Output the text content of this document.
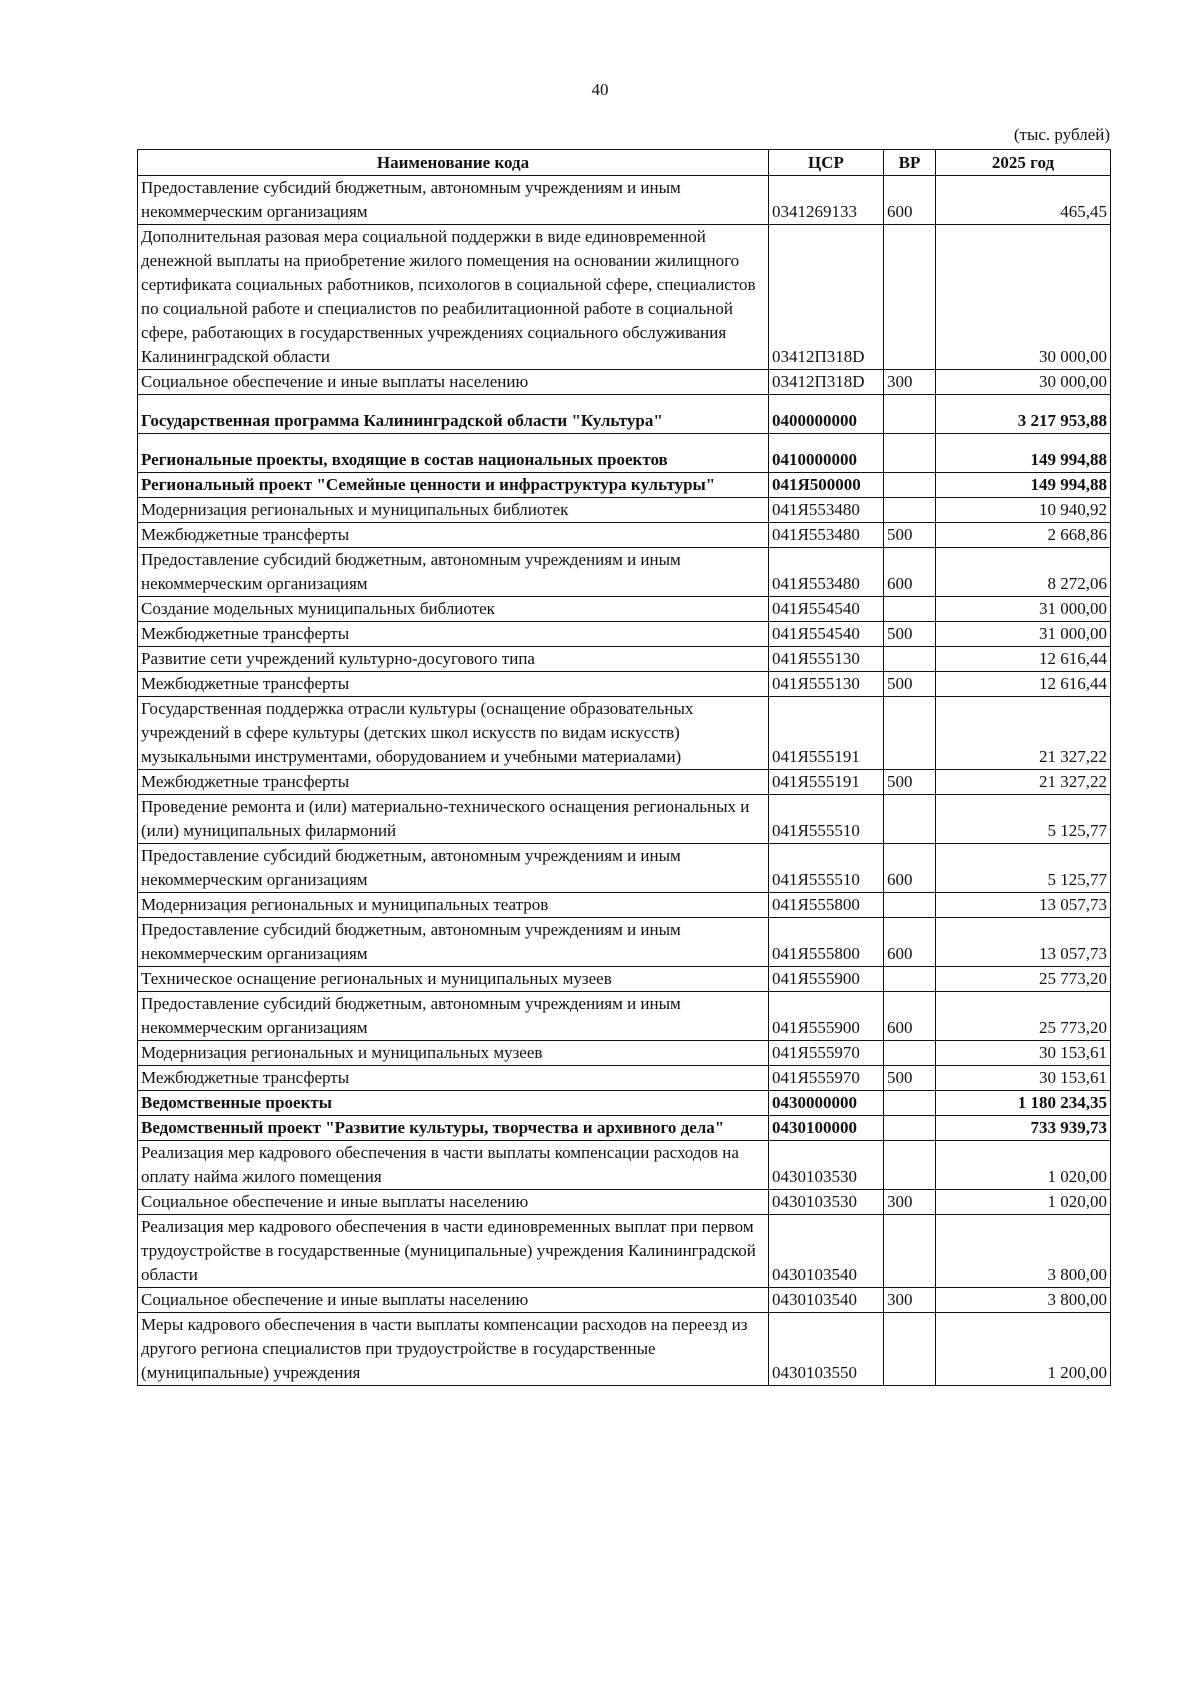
40
(тыс. рублей)
Наименование кода	ЦСР	ВР	2025 год
Предоставление субсидий бюджетным, автономным учреждениям и иным некоммерческим организациям	0341269133	600	465,45
Дополнительная разовая мера социальной поддержки в виде единовременной денежной выплаты на приобретение жилого помещения на основании жилищного сертификата социальных работников, психологов в социальной сфере, специалистов по социальной работе и специалистов по реабилитационной работе в социальной сфере, работающих в государственных учреждениях социального обслуживания Калининградской области	03412П318D		30 000,00
Социальное обеспечение и иные выплаты населению	03412П318D	300	30 000,00
Государственная программа Калининградской области "Культура"	0400000000		3 217 953,88
Региональные проекты, входящие в состав национальных проектов	0410000000		149 994,88
Региональный проект "Семейные ценности и инфраструктура культуры"	041Я500000		149 994,88
Модернизация региональных и муниципальных библиотек	041Я553480		10 940,92
Межбюджетные трансферты	041Я553480	500	2 668,86
Предоставление субсидий бюджетным, автономным учреждениям и иным некоммерческим организациям	041Я553480	600	8 272,06
Создание модельных муниципальных библиотек	041Я554540		31 000,00
Межбюджетные трансферты	041Я554540	500	31 000,00
Развитие сети учреждений культурно-досугового типа	041Я555130		12 616,44
Межбюджетные трансферты	041Я555130	500	12 616,44
Государственная поддержка отрасли культуры (оснащение образовательных учреждений в сфере культуры (детских школ искусств по видам искусств) музыкальными инструментами, оборудованием и учебными материалами)	041Я555191		21 327,22
Межбюджетные трансферты	041Я555191	500	21 327,22
Проведение ремонта и (или) материально-технического оснащения региональных и (или) муниципальных филармоний	041Я555510		5 125,77
Предоставление субсидий бюджетным, автономным учреждениям и иным некоммерческим организациям	041Я555510	600	5 125,77
Модернизация региональных и муниципальных театров	041Я555800		13 057,73
Предоставление субсидий бюджетным, автономным учреждениям и иным некоммерческим организациям	041Я555800	600	13 057,73
Техническое оснащение региональных и муниципальных музеев	041Я555900		25 773,20
Предоставление субсидий бюджетным, автономным учреждениям и иным некоммерческим организациям	041Я555900	600	25 773,20
Модернизация региональных и муниципальных музеев	041Я555970		30 153,61
Межбюджетные трансферты	041Я555970	500	30 153,61
Ведомственные проекты	0430000000		1 180 234,35
Ведомственный проект "Развитие культуры, творчества и архивного дела"	0430100000		733 939,73
Реализация мер кадрового обеспечения в части выплаты компенсации расходов на оплату найма жилого помещения	0430103530		1 020,00
Социальное обеспечение и иные выплаты населению	0430103530	300	1 020,00
Реализация мер кадрового обеспечения в части единовременных выплат при первом трудоустройстве в государственные (муниципальные) учреждения Калининградской области	0430103540		3 800,00
Социальное обеспечение и иные выплаты населению	0430103540	300	3 800,00
Меры кадрового обеспечения в части выплаты компенсации расходов на переезд из другого региона специалистов при трудоустройстве в государственные (муниципальные) учреждения	0430103550		1 200,00
